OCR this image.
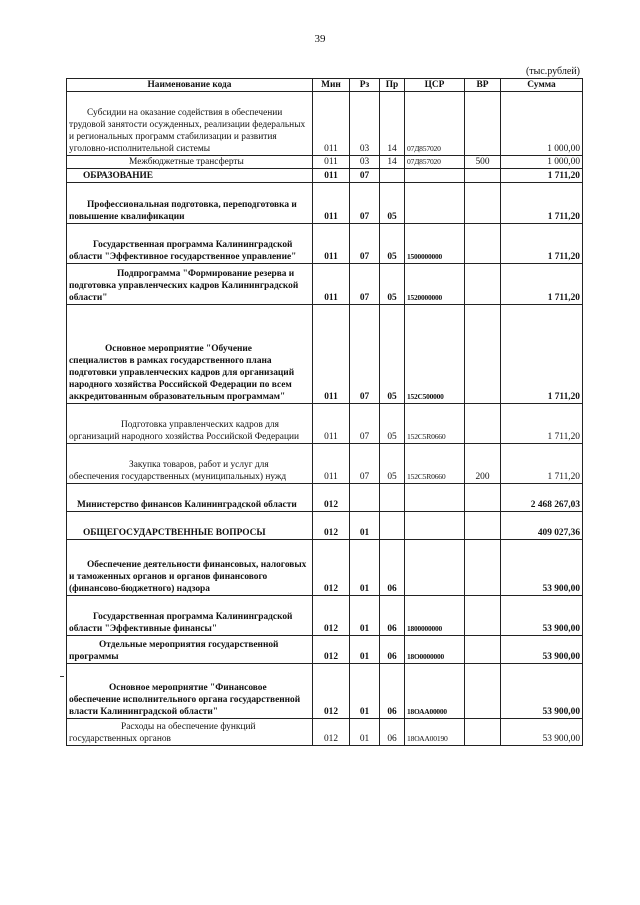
39
(тыс.рублей)
Наименование кода	Мин	Рз	Пр	ЦСР	ВР	Сумма
Субсидии на оказание содействия в обеспечении трудовой занятости осужденных, реализации федеральных и региональных программ стабилизации и развития уголовно-исполнительной системы	011	03	14	07Д857020		1 000,00
Межбюджетные трансферты	011	03	14	07Д857020	500	1 000,00
ОБРАЗОВАНИЕ	011	07				1 711,20
Профессиональная подготовка, переподготовка и повышение квалификации	011	07	05			1 711,20
Государственная программа Калининградской области "Эффективное государственное управление"	011	07	05	1500000000		1 711,20
Подпрограмма "Формирование резерва и подготовка управленческих кадров Калининградской области"	011	07	05	1520000000		1 711,20
Основное мероприятие "Обучение специалистов в рамках государственного плана подготовки управленческих кадров для организаций народного хозяйства Российской Федерации по всем аккредитованным образовательным программам"	011	07	05	152С500000		1 711,20
Подготовка управленческих кадров для организаций народного хозяйства Российской Федерации	011	07	05	152С5R0660		1 711,20
Закупка товаров, работ и услуг для обеспечения государственных (муниципальных) нужд	011	07	05	152С5R0660	200	1 711,20
Министерство финансов Калининградской области	012					2 468 267,03
ОБЩЕГОСУДАРСТВЕННЫЕ ВОПРОСЫ	012	01				409 027,36
Обеспечение деятельности финансовых, налоговых и таможенных органов и органов финансового (финансово-бюджетного) надзора	012	01	06			53 900,00
Государственная программа Калининградской области "Эффективные финансы"	012	01	06	1800000000		53 900,00
Отдельные мероприятия государственной программы	012	01	06	18О0000000		53 900,00
Основное мероприятие "Финансовое обеспечение исполнительного органа государственной власти Калининградской области"	012	01	06	18ОАА00000		53 900,00
Расходы на обеспечение функций государственных органов	012	01	06	18ОАА00190		53 900,00
